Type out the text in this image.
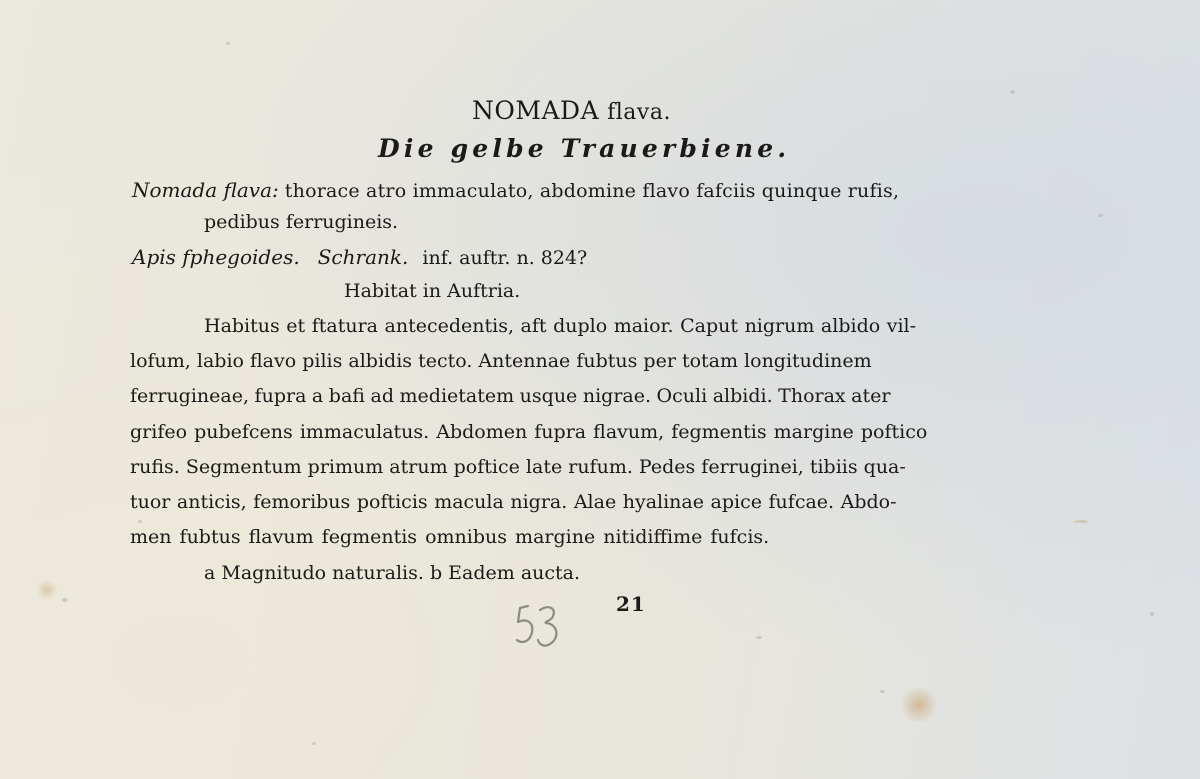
NOMADA flava.
Die gelbe Trauerbiene.
Nomada flava: thorace atro immaculato, abdomine flavo fafciis quinque rufis,
pedibus ferrugineis.
Apis fphegoides. Schrank. inf. auftr. n. 824?
Habitat in Auftria.
Habitus et ftatura antecedentis, aft duplo maior. Caput nigrum albido vil-
lofum, labio flavo pilis albidis tecto. Antennae fubtus per totam longitudinem
ferrugineae, fupra a bafi ad medietatem usque nigrae. Oculi albidi. Thorax ater
grifeo pubefcens immaculatus. Abdomen fupra flavum, fegmentis margine poftico
rufis. Segmentum primum atrum poftice late rufum. Pedes ferruginei, tibiis qua-
tuor anticis, femoribus pofticis macula nigra. Alae hyalinae apice fufcae. Abdo-
men fubtus flavum fegmentis omnibus margine nitidiffime fufcis.
a Magnitudo naturalis. b Eadem aucta.
21
